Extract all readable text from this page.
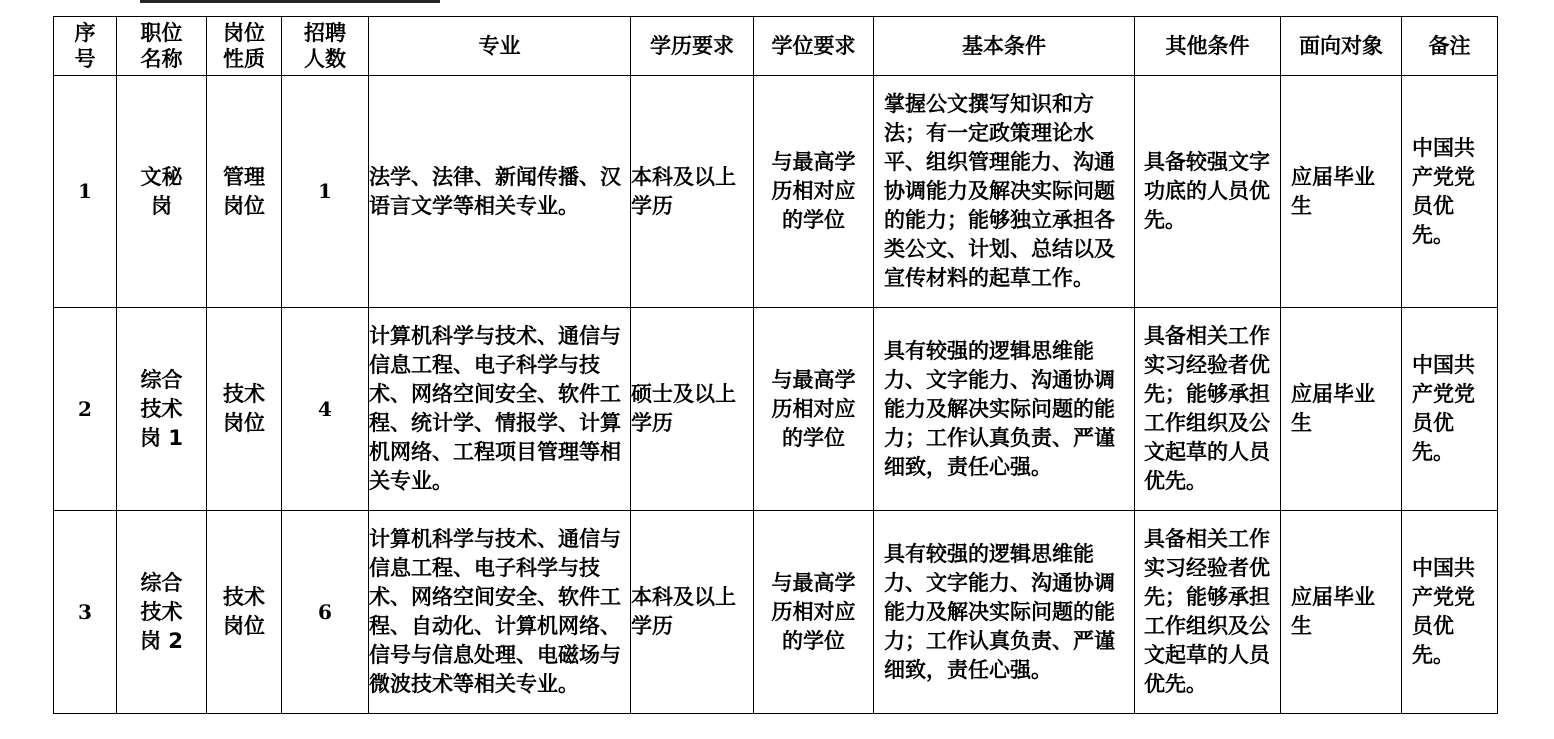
序号	职位名称	岗位性质	招聘人数	专业	学历要求	学位要求	基本条件	其他条件	面向对象	备注
1	文秘岗	管理岗位	1	法学、法律、新闻传播、汉语言文学等相关专业。	本科及以上学历	与最高学历相对应的学位	掌握公文撰写知识和方法；有一定政策理论水平、组织管理能力、沟通协调能力及解决实际问题的能力；能够独立承担各类公文、计划、总结以及宣传材料的起草工作。	具备较强文字功底的人员优先。	应届毕业生	中国共产党党员优先。
2	综合技术岗 1	技术岗位	4	计算机科学与技术、通信与信息工程、电子科学与技术、网络空间安全、软件工程、统计学、情报学、计算机网络、工程项目管理等相关专业。	硕士及以上学历	与最高学历相对应的学位	具有较强的逻辑思维能力、文字能力、沟通协调能力及解决实际问题的能力；工作认真负责、严谨细致，责任心强。	具备相关工作实习经验者优先；能够承担工作组织及公文起草的人员优先。	应届毕业生	中国共产党党员优先。
3	综合技术岗 2	技术岗位	6	计算机科学与技术、通信与信息工程、电子科学与技术、网络空间安全、软件工程、自动化、计算机网络、信号与信息处理、电磁场与微波技术等相关专业。	本科及以上学历	与最高学历相对应的学位	具有较强的逻辑思维能力、文字能力、沟通协调能力及解决实际问题的能力；工作认真负责、严谨细致，责任心强。	具备相关工作实习经验者优先；能够承担工作组织及公文起草的人员优先。	应届毕业生	中国共产党党员优先。
